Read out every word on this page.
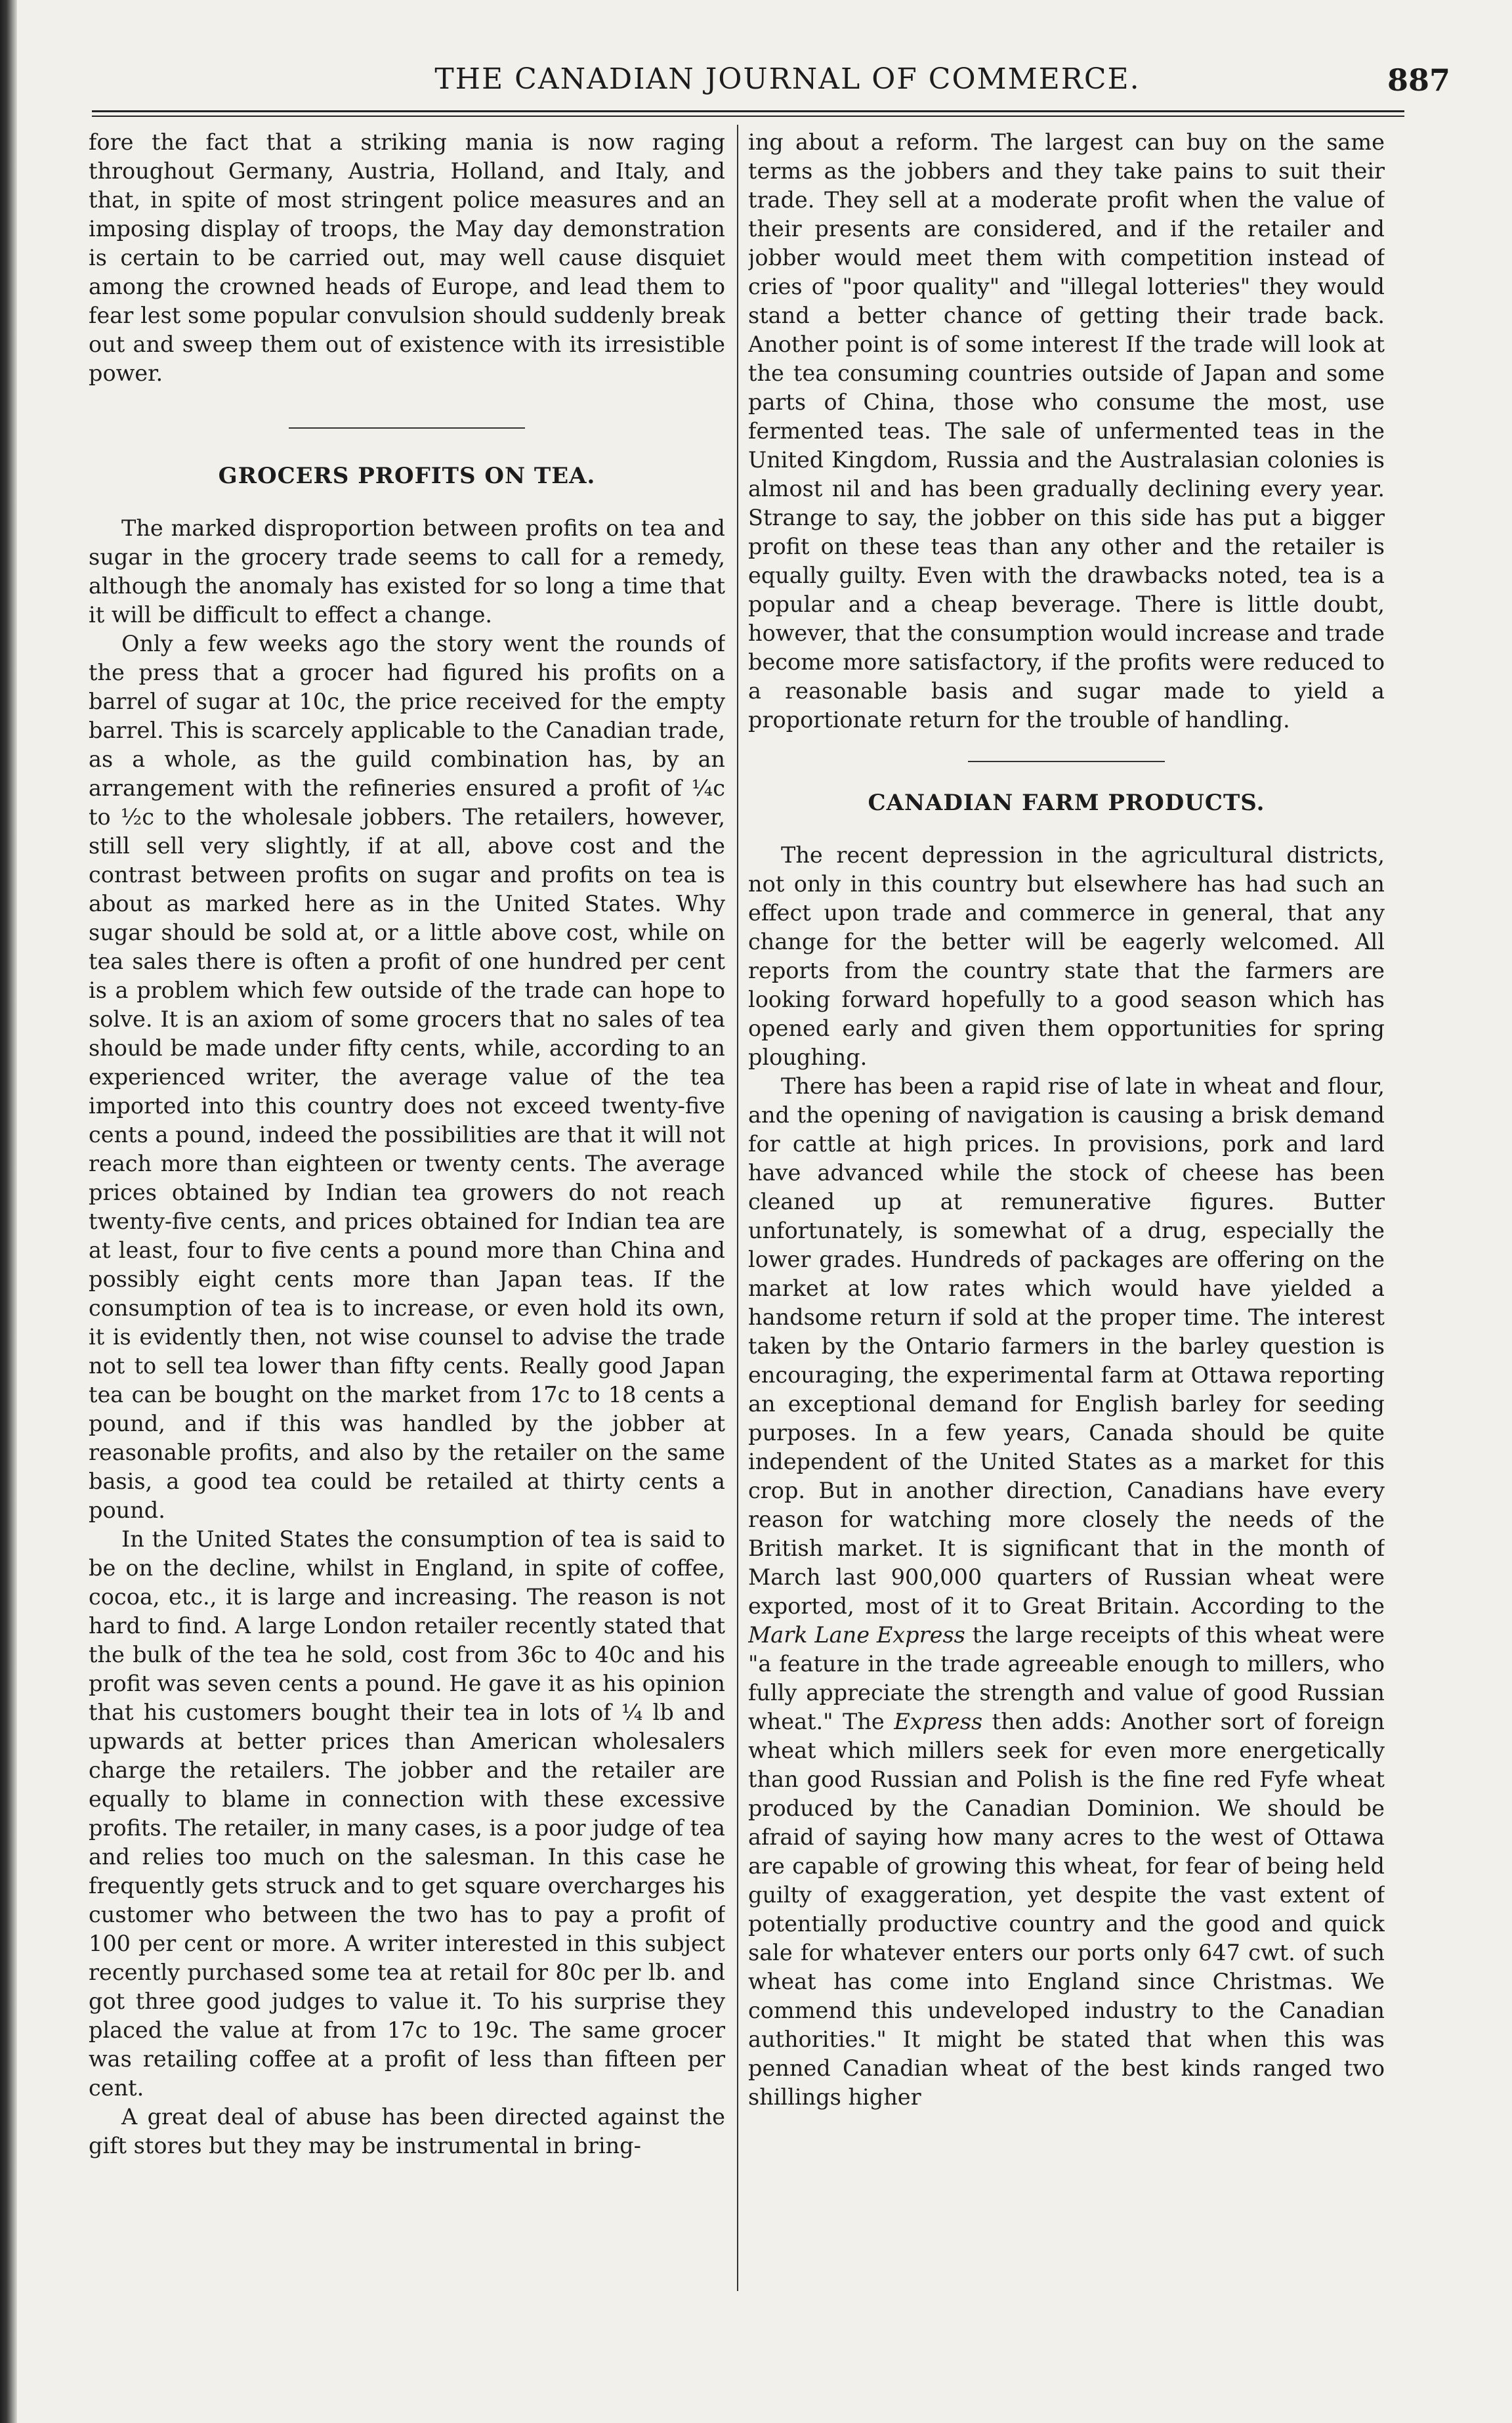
THE CANADIAN JOURNAL OF COMMERCE.	887

fore the fact that a striking mania is now raging throughout Germany, Austria, Holland, and Italy, and that, in spite of most stringent police measures and an imposing display of troops, the May day demonstration is certain to be carried out, may well cause disquiet among the crowned heads of Europe, and lead them to fear lest some popular convulsion should suddenly break out and sweep them out of existence with its irresistible power.

GROCERS PROFITS ON TEA.

The marked disproportion between profits on tea and sugar in the grocery trade seems to call for a remedy, although the anomaly has existed for so long a time that it will be difficult to effect a change.

Only a few weeks ago the story went the rounds of the press that a grocer had figured his profits on a barrel of sugar at 10c, the price received for the empty barrel. This is scarcely applicable to the Canadian trade, as a whole, as the guild combination has, by an arrangement with the refineries ensured a profit of ¼c to ½c to the wholesale jobbers. The retailers, however, still sell very slightly, if at all, above cost and the contrast between profits on sugar and profits on tea is about as marked here as in the United States. Why sugar should be sold at, or a little above cost, while on tea sales there is often a profit of one hundred per cent is a problem which few outside of the trade can hope to solve. It is an axiom of some grocers that no sales of tea should be made under fifty cents, while, according to an experienced writer, the average value of the tea imported into this country does not exceed twenty-five cents a pound, indeed the possibilities are that it will not reach more than eighteen or twenty cents. The average prices obtained by Indian tea growers do not reach twenty-five cents, and prices obtained for Indian tea are at least, four to five cents a pound more than China and possibly eight cents more than Japan teas. If the consumption of tea is to increase, or even hold its own, it is evidently then, not wise counsel to advise the trade not to sell tea lower than fifty cents. Really good Japan tea can be bought on the market from 17c to 18 cents a pound, and if this was handled by the jobber at reasonable profits, and also by the retailer on the same basis, a good tea could be retailed at thirty cents a pound.

In the United States the consumption of tea is said to be on the decline, whilst in England, in spite of coffee, cocoa, etc., it is large and increasing. The reason is not hard to find. A large London retailer recently stated that the bulk of the tea he sold, cost from 36c to 40c and his profit was seven cents a pound. He gave it as his opinion that his customers bought their tea in lots of ¼ lb and upwards at better prices than American wholesalers charge the retailers. The jobber and the retailer are equally to blame in connection with these excessive profits. The retailer, in many cases, is a poor judge of tea and relies too much on the salesman. In this case he frequently gets struck and to get square overcharges his customer who between the two has to pay a profit of 100 per cent or more. A writer interested in this subject recently purchased some tea at retail for 80c per lb. and got three good judges to value it. To his surprise they placed the value at from 17c to 19c. The same grocer was retailing coffee at a profit of less than fifteen per cent.

A great deal of abuse has been directed against the gift stores but they may be instrumental in bring-

ing about a reform. The largest can buy on the same terms as the jobbers and they take pains to suit their trade. They sell at a moderate profit when the value of their presents are considered, and if the retailer and jobber would meet them with competition instead of cries of "poor quality" and "illegal lotteries" they would stand a better chance of getting their trade back. Another point is of some interest If the trade will look at the tea consuming countries outside of Japan and some parts of China, those who consume the most, use fermented teas. The sale of unfermented teas in the United Kingdom, Russia and the Australasian colonies is almost nil and has been gradually declining every year. Strange to say, the jobber on this side has put a bigger profit on these teas than any other and the retailer is equally guilty. Even with the drawbacks noted, tea is a popular and a cheap beverage. There is little doubt, however, that the consumption would increase and trade become more satisfactory, if the profits were reduced to a reasonable basis and sugar made to yield a proportionate return for the trouble of handling.

CANADIAN FARM PRODUCTS.

The recent depression in the agricultural districts, not only in this country but elsewhere has had such an effect upon trade and commerce in general, that any change for the better will be eagerly welcomed. All reports from the country state that the farmers are looking forward hopefully to a good season which has opened early and given them opportunities for spring ploughing.

There has been a rapid rise of late in wheat and flour, and the opening of navigation is causing a brisk demand for cattle at high prices. In provisions, pork and lard have advanced while the stock of cheese has been cleaned up at remunerative figures. Butter unfortunately, is somewhat of a drug, especially the lower grades. Hundreds of packages are offering on the market at low rates which would have yielded a handsome return if sold at the proper time. The interest taken by the Ontario farmers in the barley question is encouraging, the experimental farm at Ottawa reporting an exceptional demand for English barley for seeding purposes. In a few years, Canada should be quite independent of the United States as a market for this crop. But in another direction, Canadians have every reason for watching more closely the needs of the British market. It is significant that in the month of March last 900,000 quarters of Russian wheat were exported, most of it to Great Britain. According to the Mark Lane Express the large receipts of this wheat were "a feature in the trade agreeable enough to millers, who fully appreciate the strength and value of good Russian wheat." The Express then adds: Another sort of foreign wheat which millers seek for even more energetically than good Russian and Polish is the fine red Fyfe wheat produced by the Canadian Dominion. We should be afraid of saying how many acres to the west of Ottawa are capable of growing this wheat, for fear of being held guilty of exaggeration, yet despite the vast extent of potentially productive country and the good and quick sale for whatever enters our ports only 647 cwt. of such wheat has come into England since Christmas. We commend this undeveloped industry to the Canadian authorities." It might be stated that when this was penned Canadian wheat of the best kinds ranged two shillings higher
